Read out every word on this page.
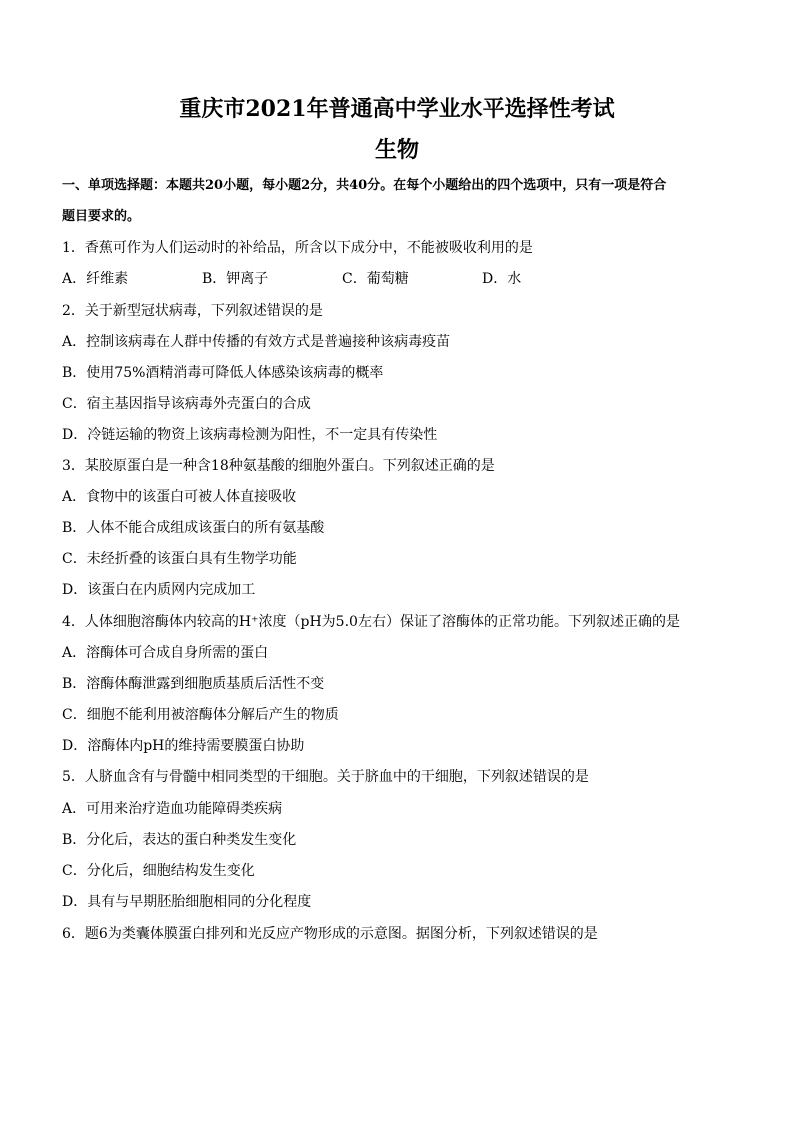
重庆市2021年普通高中学业水平选择性考试
生物
一、单项选择题：本题共20小题，每小题2分，共40分。在每个小题给出的四个选项中，只有一项是符合
题目要求的。
1．香蕉可作为人们运动时的补给品，所含以下成分中，不能被吸收利用的是
A．纤维素	B．钾离子	C．葡萄糖	D．水
2．关于新型冠状病毒，下列叙述错误的是
A．控制该病毒在人群中传播的有效方式是普遍接种该病毒疫苗
B．使用75%酒精消毒可降低人体感染该病毒的概率
C．宿主基因指导该病毒外壳蛋白的合成
D．冷链运输的物资上该病毒检测为阳性，不一定具有传染性
3．某胶原蛋白是一种含18种氨基酸的细胞外蛋白。下列叙述正确的是
A．食物中的该蛋白可被人体直接吸收
B．人体不能合成组成该蛋白的所有氨基酸
C．未经折叠的该蛋白具有生物学功能
D．该蛋白在内质网内完成加工
4．人体细胞溶酶体内较高的H⁺浓度（pH为5.0左右）保证了溶酶体的正常功能。下列叙述正确的是
A．溶酶体可合成自身所需的蛋白
B．溶酶体酶泄露到细胞质基质后活性不变
C．细胞不能利用被溶酶体分解后产生的物质
D．溶酶体内pH的维持需要膜蛋白协助
5．人脐血含有与骨髓中相同类型的干细胞。关于脐血中的干细胞，下列叙述错误的是
A．可用来治疗造血功能障碍类疾病
B．分化后，表达的蛋白种类发生变化
C．分化后，细胞结构发生变化
D．具有与早期胚胎细胞相同的分化程度
6．题6为类囊体膜蛋白排列和光反应产物形成的示意图。据图分析，下列叙述错误的是
